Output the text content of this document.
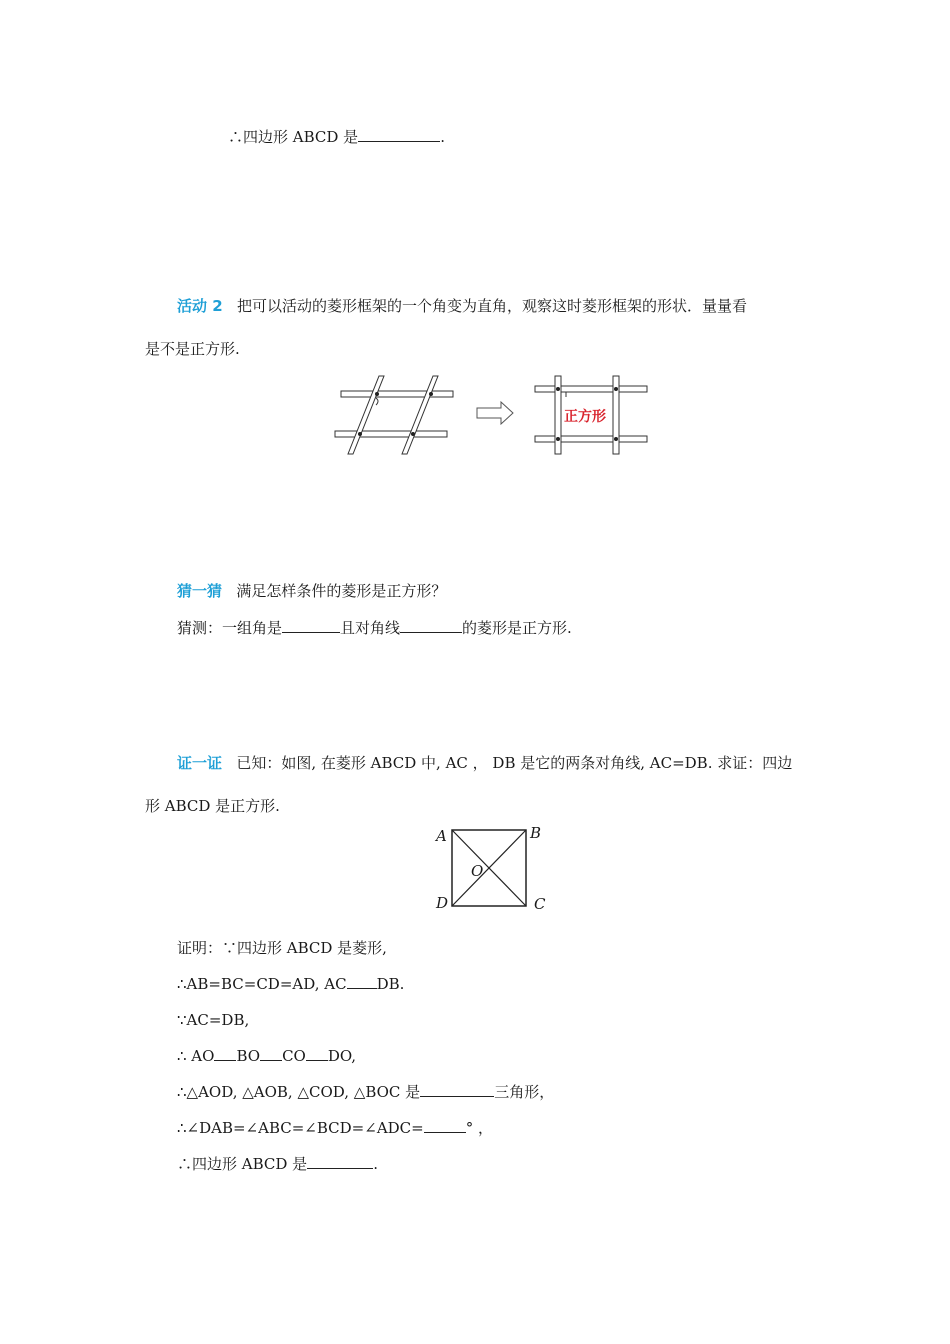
∴四边形 ABCD 是	.
活动 2 把可以活动的菱形框架的一个角变为直角，观察这时菱形框架的形状．量量看
是不是正方形.
正方形
猜一猜 满足怎样条件的菱形是正方形？
猜测：一组角是	且对角线	的菱形是正方形.
证一证 已知：如图, 在菱形 ABCD 中, AC ， DB 是它的两条对角线, AC=DB. 求证：四边
形 ABCD 是正方形.
A	B
C
D
O
证明：∵四边形 ABCD 是菱形,
∴AB=BC=CD=AD, AC DB.
∵AC=DB,
∴ AO BO CO DO,
∴△AOD, △AOB, △COD, △BOC 是	三角形，
∴∠DAB=∠ABC=∠BCD=∠ADC=	° ，
∴四边形 ABCD 是	.
